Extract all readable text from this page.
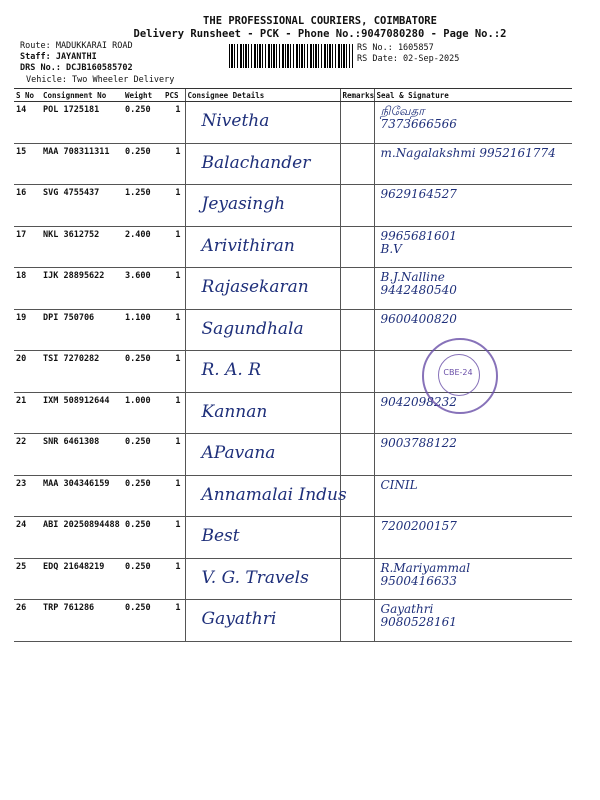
THE PROFESSIONAL COURIERS, COIMBATORE
Delivery Runsheet - PCK - Phone No.:9047080280 - Page No.:2
Route: MADUKKARAI ROAD
Staff: JAYANTHI
DRS No.: DCJB160585702
RS No.: 1605857
RS Date: 02-Sep-2025
Vehicle: Two Wheeler Delivery
S No	Consignment No	Weight	PCS	Consignee Details	Remarks	Seal & Signature
14	POL 1725181	0.250	1	Nivetha		நிவேதா
7373666566

15	MAA 708311311	0.250	1	Balachander		m.Nagalakshmi 9952161774

16	SVG 4755437	1.250	1	Jeyasingh		9629164527

17	NKL 3612752	2.400	1	Arivithiran		9965681601
B.V

18	IJK 28895622	3.600	1	Rajasekaran		B.J.Nalline
9442480540

19	DPI 750706	1.100	1	Sagundhala		9600400820

20	TSI 7270282	0.250	1	R. A. R		

21	IXM 508912644	1.000	1	Kannan		9042098232

22	SNR 6461308	0.250	1	APavana		9003788122

23	MAA 304346159	0.250	1	Annamalai Indus		CINIL

24	ABI 20250894488	0.250	1	Best		7200200157

25	EDQ 21648219	0.250	1	V. G. Travels		R.Mariyammal
9500416633

26	TRP 761286	0.250	1	Gayathri		Gayathri
9080528161
CBE-24
